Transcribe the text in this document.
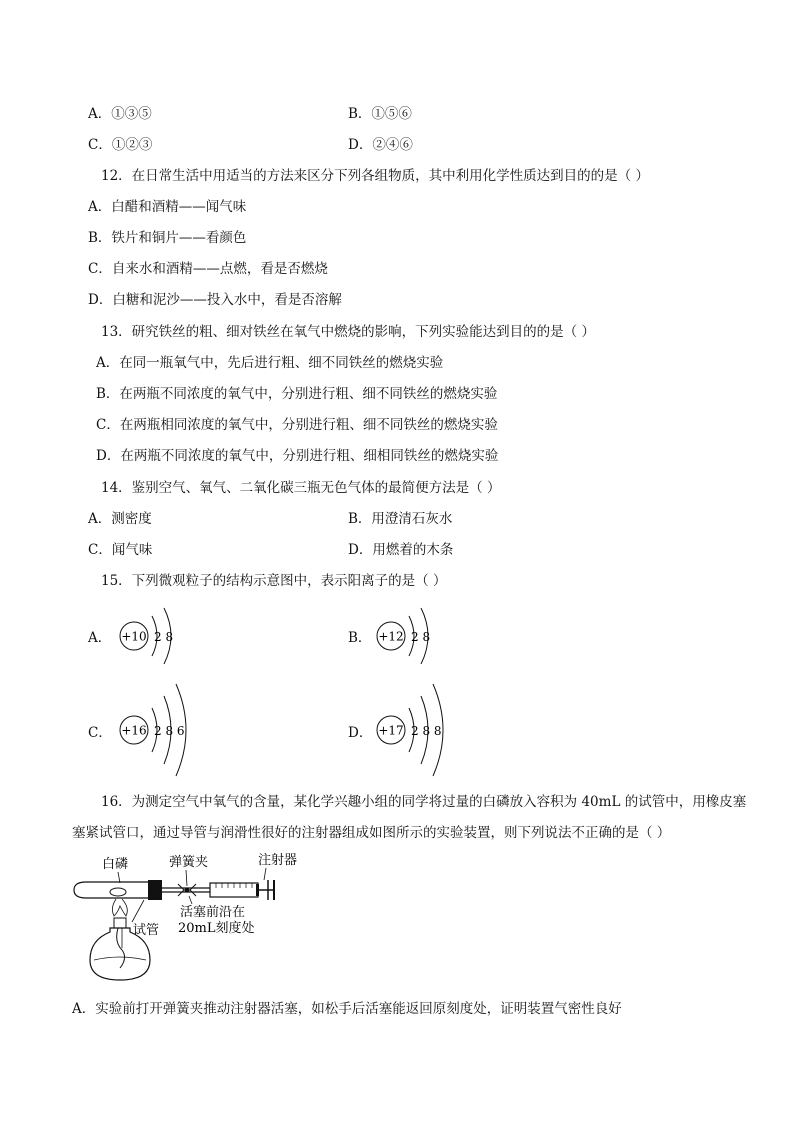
A．①③⑤	B．①⑤⑥
C．①②③	D．②④⑥
12．在日常生活中用适当的方法来区分下列各组物质，其中利用化学性质达到目的的是（ ）
A．白醋和酒精——闻气味
B．铁片和铜片——看颜色
C．自来水和酒精——点燃，看是否燃烧
D．白糖和泥沙——投入水中，看是否溶解
13．研究铁丝的粗、细对铁丝在氧气中燃烧的影响，下列实验能达到目的的是（ ）
A．在同一瓶氧气中，先后进行粗、细不同铁丝的燃烧实验
B．在两瓶不同浓度的氧气中，分别进行粗、细不同铁丝的燃烧实验
C．在两瓶相同浓度的氧气中，分别进行粗、细不同铁丝的燃烧实验
D．在两瓶不同浓度的氧气中，分别进行粗、细相同铁丝的燃烧实验
14．鉴别空气、氧气、二氧化碳三瓶无色气体的最简便方法是（ ）
A．测密度	B．用澄清石灰水
C．闻气味	D．用燃着的木条
15．下列微观粒子的结构示意图中，表示阳离子的是（ ）
A． +10 2 8	B． +12 2 8
C． +16 2 8 6	D． +17 2 8 8
16．为测定空气中氧气的含量，某化学兴趣小组的同学将过量的白磷放入容积为 40mL 的试管中，用橡皮塞
塞紧试管口，通过导管与润滑性很好的注射器组成如图所示的实验装置，则下列说法不正确的是（ ）
白磷	弹簧夹	注射器
试管
活塞前沿在
20mL刻度处
A．实验前打开弹簧夹推动注射器活塞，如松手后活塞能返回原刻度处，证明装置气密性良好
